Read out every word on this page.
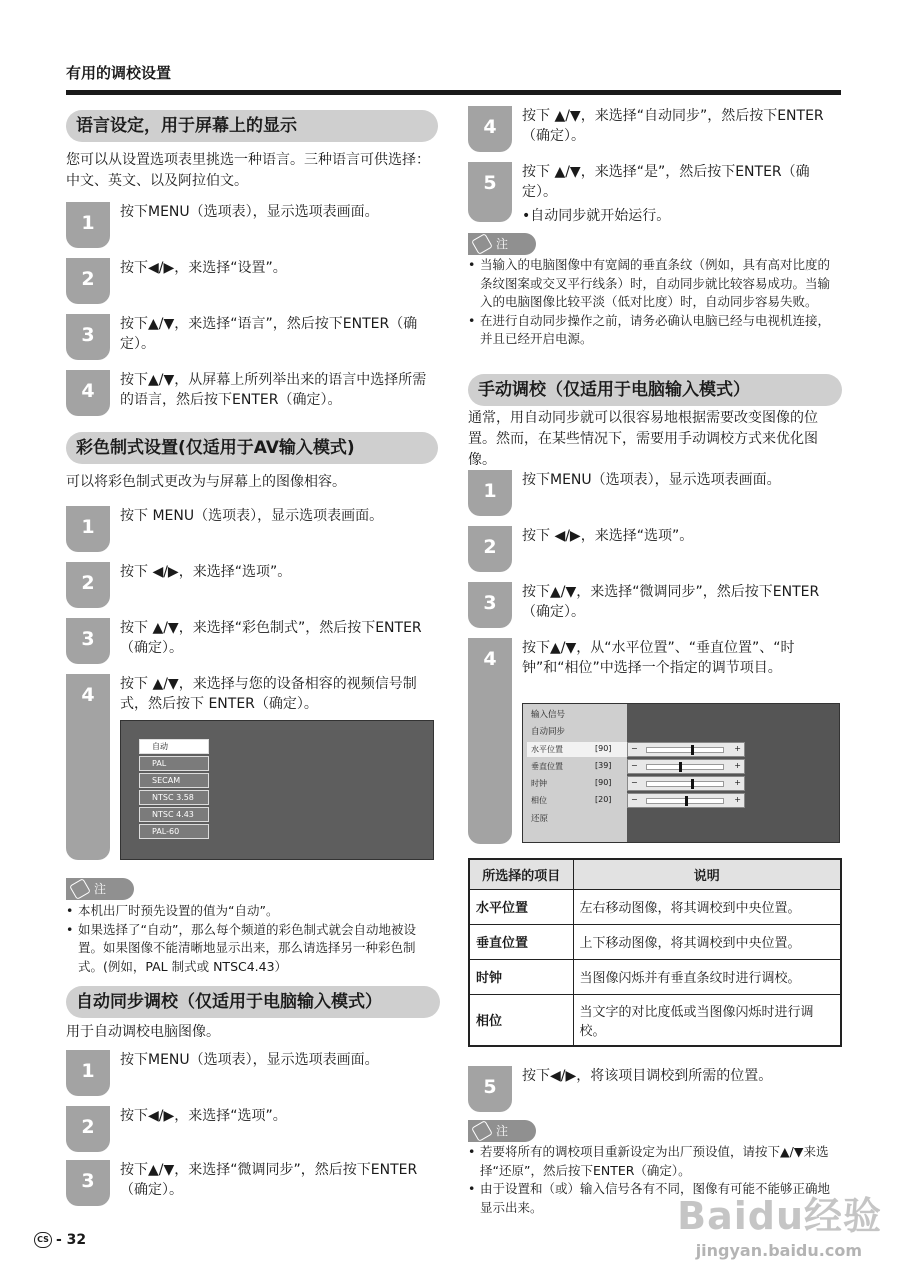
有用的调校设置
语言设定，用于屏幕上的显示
您可以从设置选项表里挑选一种语言。三种语言可供选择：中文、英文、以及阿拉伯文。
1	按下MENU（选项表），显示选项表画面。
2	按下◀/▶，来选择“设置”。
3	按下▲/▼，来选择“语言”，然后按下ENTER（确定）。
4	按下▲/▼，从屏幕上所列举出来的语言中选择所需的语言，然后按下ENTER（确定）。
彩色制式设置(仅适用于AV输入模式)
可以将彩色制式更改为与屏幕上的图像相容。
1	按下 MENU（选项表），显示选项表画面。
2	按下 ◀/▶，来选择“选项”。
3	按下 ▲/▼，来选择“彩色制式”，然后按下ENTER（确定）。
4	按下 ▲/▼，来选择与您的设备相容的视频信号制式，然后按下 ENTER（确定）。
自动
PAL
SECAM
NTSC 3.58
NTSC 4.43
PAL-60
注
• 本机出厂时预先设置的值为“自动”。
• 如果选择了“自动”，那么每个频道的彩色制式就会自动地被设置。如果图像不能清晰地显示出来，那么请选择另一种彩色制式。(例如，PAL 制式或 NTSC4.43）
自动同步调校（仅适用于电脑输入模式）
用于自动调校电脑图像。
1	按下MENU（选项表），显示选项表画面。
2	按下◀/▶，来选择“选项”。
3	按下▲/▼，来选择“微调同步”，然后按下ENTER（确定）。
4	按下 ▲/▼，来选择“自动同步”，然后按下ENTER（确定）。
5	按下 ▲/▼，来选择“是”，然后按下ENTER（确定）。
•自动同步就开始运行。
注
• 当输入的电脑图像中有宽阔的垂直条纹（例如，具有高对比度的条纹图案或交叉平行线条）时，自动同步就比较容易成功。当输入的电脑图像比较平淡（低对比度）时，自动同步容易失败。
• 在进行自动同步操作之前，请务必确认电脑已经与电视机连接，并且已经开启电源。
手动调校（仅适用于电脑输入模式）
通常，用自动同步就可以很容易地根据需要改变图像的位置。然而，在某些情况下，需要用手动调校方式来优化图像。
1	按下MENU（选项表），显示选项表画面。
2	按下 ◀/▶，来选择“选项”。
3	按下▲/▼，来选择“微调同步”，然后按下ENTER（确定）。
4	按下▲/▼，从“水平位置”、“垂直位置”、“时钟”和“相位”中选择一个指定的调节项目。
输入信号
自动同步
水平位置	[90] −	+
垂直位置	[39] −	+
时钟	[90] −	+
相位	[20] −	+
还原
所选择的项目	说明
水平位置	左右移动图像，将其调校到中央位置。
垂直位置	上下移动图像，将其调校到中央位置。
时钟	当图像闪烁并有垂直条纹时进行调校。
相位	当文字的对比度低或当图像闪烁时进行调校。
5	按下◀/▶，将该项目调校到所需的位置。
注
• 若要将所有的调校项目重新设定为出厂预设值，请按下▲/▼来选择“还原”，然后按下ENTER（确定）。
• 由于设置和（或）输入信号各有不同，图像有可能不能够正确地显示出来。
CS - 32
Baidu经验
jingyan.baidu.com
